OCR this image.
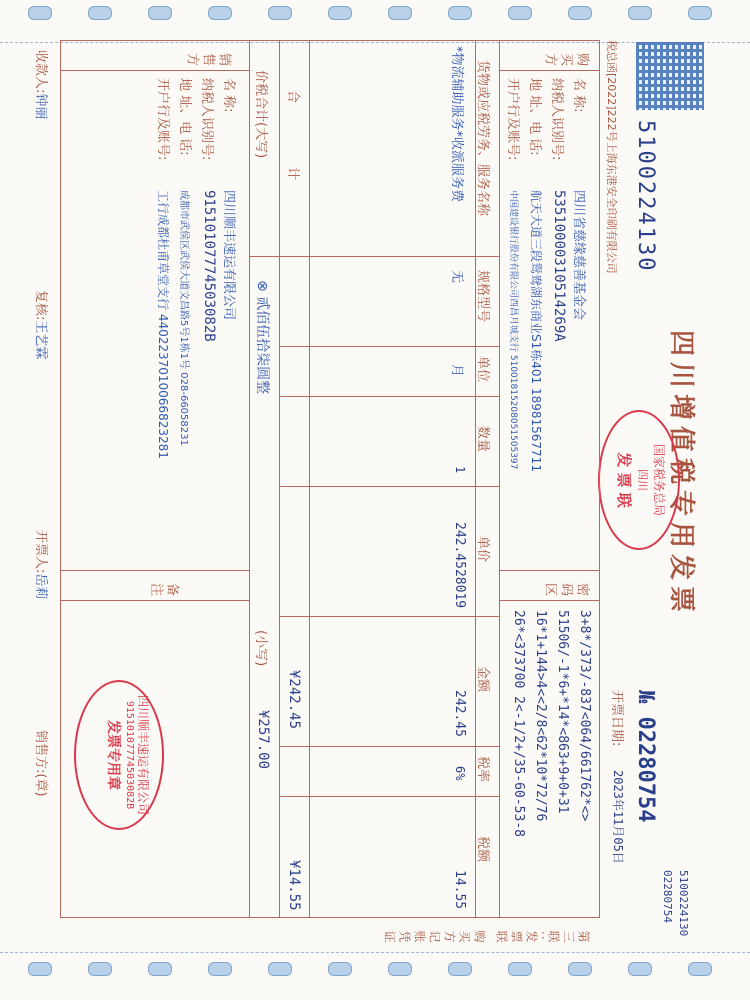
四川增值税专用发票
5100224130
№ 02280754
5100224130
02280754
开票日期:
2023年11月05日
国家税务总局
四川
发 票 联
购买方
名 称:
四川省慈缘慈善基金会
纳税人识别号:
53510000310514269A
地 址、电 话:
航天大道三段鸳鸯湖东商业S1栋401 18981567711
开户行及账号:
中国建设银行股份有限公司西昌月城支行 51001815208051505397
密码区
3+8*/373/-837<064/661762*<>
51506/-1*6+*14*<863+9+0+31
16*1+144>4<<2/8<62*10*72/76
26*<373700 2<-1/2+/35-60-53-8
货物或应税劳务、服务名称
规格型号
单位
数量
单价
金额
税率
税额
*物流辅助服务*收派服务费
无
月
1
242.4528019
242.45
6%
14.55
合 计
¥242.45
¥14.55
价税合计(大写)
⊗ 贰佰伍拾柒圆整
(小写)
¥257.00
销售方
名 称:
四川顺丰速运有限公司
纳税人识别号:
91510107774503082B
地 址、电 话:
成都市武侯区武侯大道文昌路5号1栋1号 028-66058231
开户行及账号:
工行成都杜甫草堂支行 4402237010066823281
备注
四川顺丰速运有限公司
91510107774503082B
发票专用章
收款人:钟丽
复核:王艺霖
开票人:岳莉
销售方:(章)
第三联:发票联 购买方记账凭证
税总函[2022]222号上海东港安全印刷有限公司
